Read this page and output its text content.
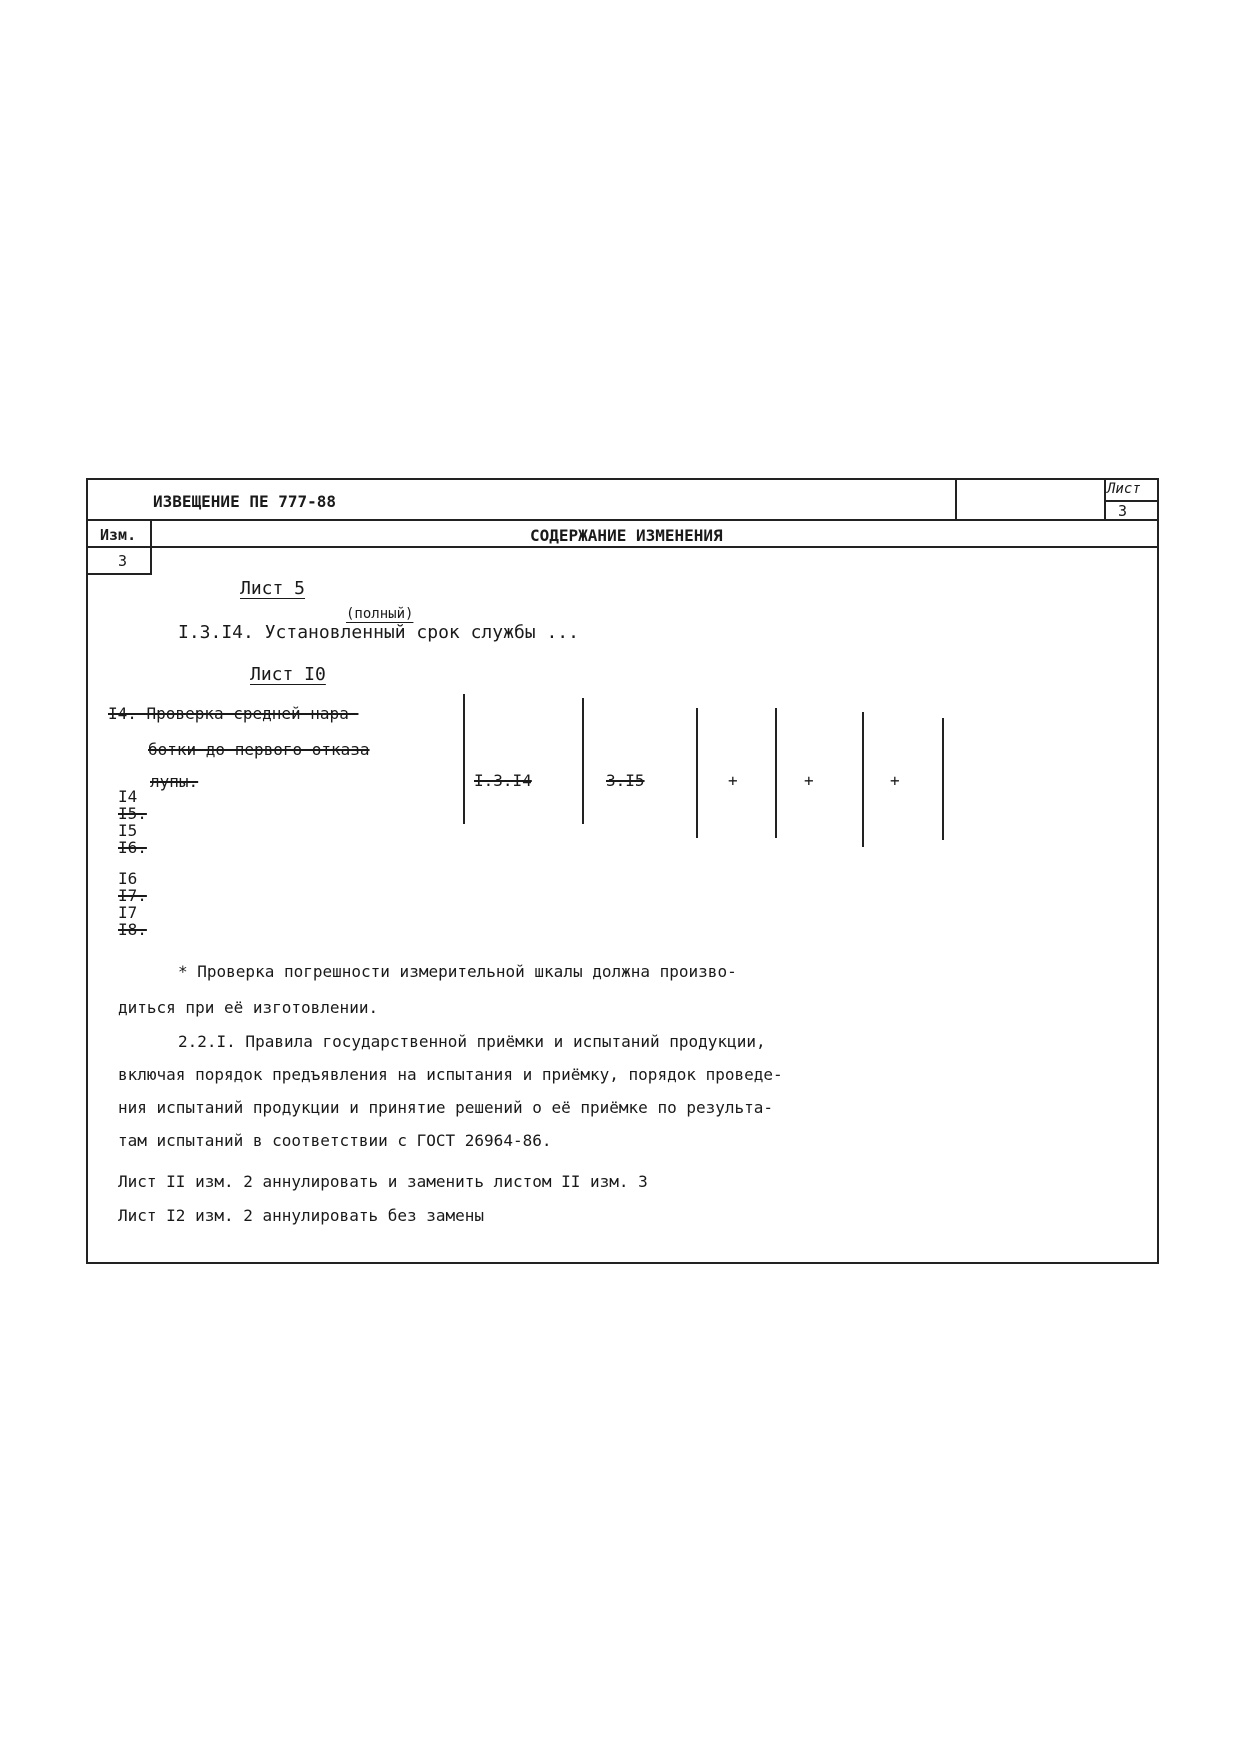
ИЗВЕЩЕНИЕ ПЕ 777-88
Лист
3
Изм.
3
СОДЕРЖАНИЕ ИЗМЕНЕНИЯ
Лист 5
(полный)
I.3.I4. Установленный срок службы ...
Лист I0
I4. Проверка средней нара-
ботки до первого отказа
лупы.	I.3.I4	3.I5	+	+	+
I4
I5.
I5
I6.
I6
I7.
I7
I8.
* Проверка погрешности измерительной шкалы должна произво-
диться при её изготовлении.
2.2.I. Правила государственной приёмки и испытаний продукции,
включая порядок предъявления на испытания и приёмку, порядок проведе-
ния испытаний продукции и принятие решений о её приёмке по результа-
там испытаний в соответствии с ГОСТ 26964-86.
Лист II изм. 2 аннулировать и заменить листом II изм. 3
Лист I2 изм. 2 аннулировать без замены
